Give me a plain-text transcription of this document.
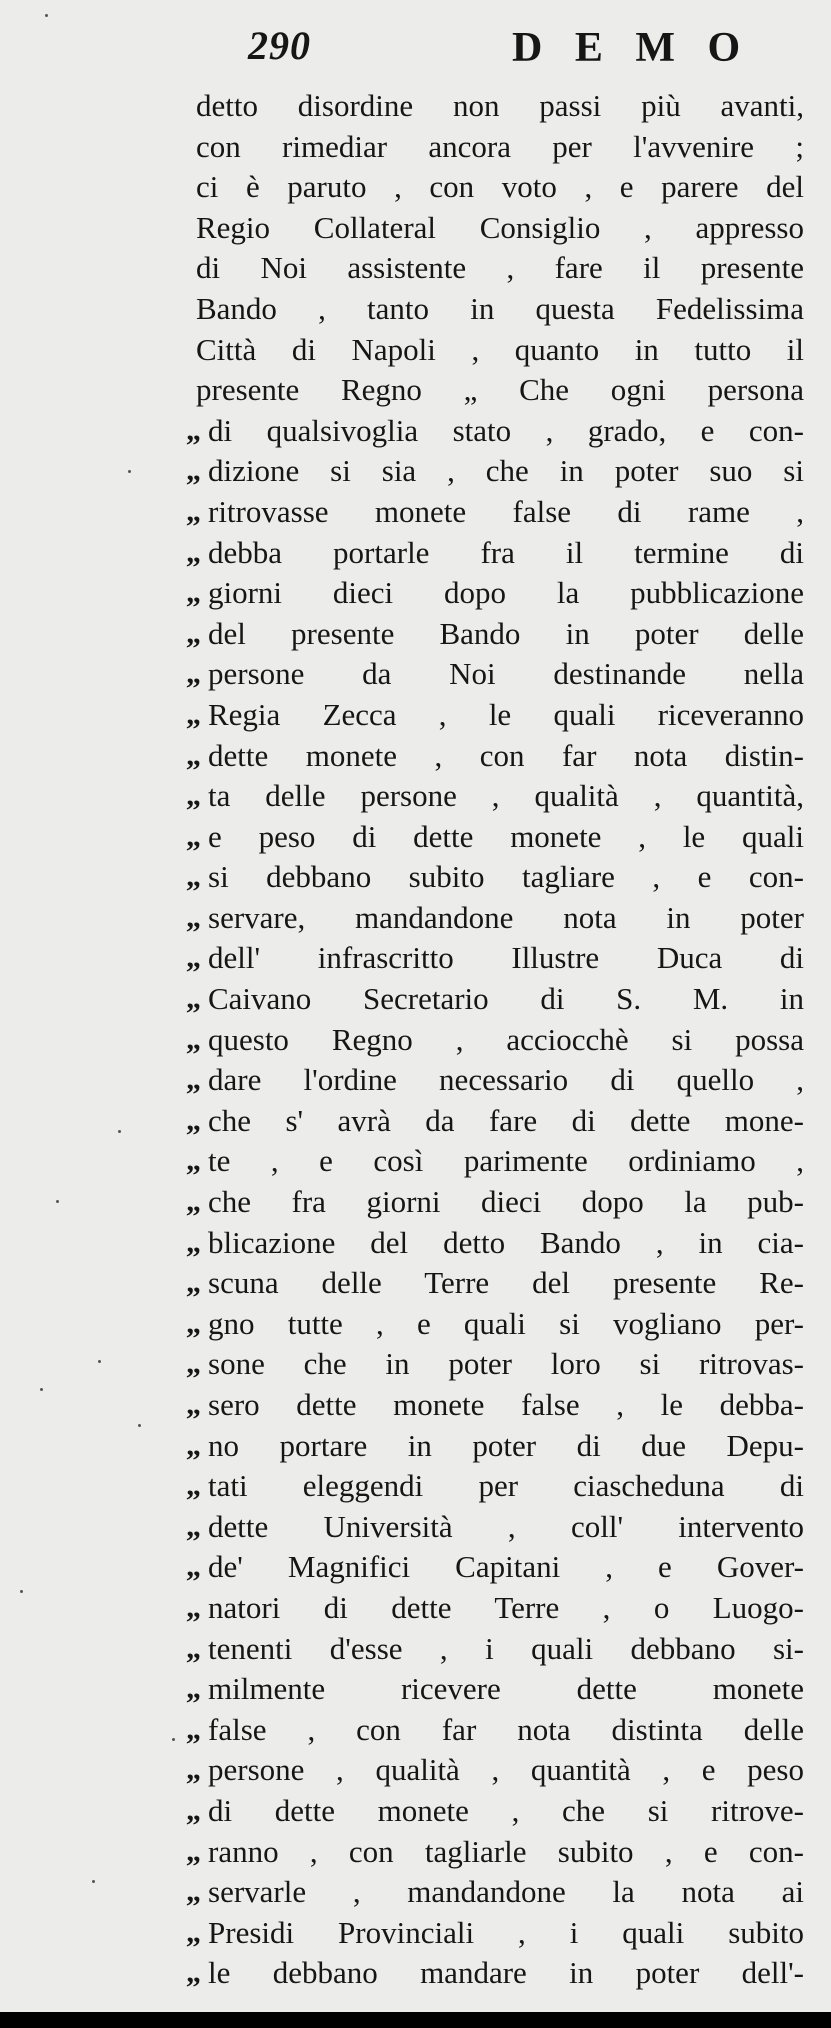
290	D E M O
detto disordine non passi più avanti,
con rimediar ancora per l'avvenire ;
ci è paruto , con voto , e parere del
Regio Collateral Consiglio , appresso
di Noi assistente , fare il presente
Bando , tanto in questa Fedelissima
Città di Napoli , quanto in tutto il
presente Regno „ Che ogni persona
„ di qualsivoglia stato , grado, e con-
„ dizione si sia , che in poter suo si
„ ritrovasse monete false di rame ,
„ debba portarle fra il termine di
„ giorni dieci dopo la pubblicazione
„ del presente Bando in poter delle
„ persone da Noi destinande nella
„ Regia Zecca , le quali riceveranno
„ dette monete , con far nota distin-
„ ta delle persone , qualità , quantità,
„ e peso di dette monete , le quali
„ si debbano subito tagliare , e con-
„ servare, mandandone nota in poter
„ dell' infrascritto Illustre Duca di
„ Caivano Secretario di S. M. in
„ questo Regno , acciocchè si possa
„ dare l'ordine necessario di quello ,
„ che s' avrà da fare di dette mone-
„ te , e così parimente ordiniamo ,
„ che fra giorni dieci dopo la pub-
„ blicazione del detto Bando , in cia-
„ scuna delle Terre del presente Re-
„ gno tutte , e quali si vogliano per-
„ sone che in poter loro si ritrovas-
„ sero dette monete false , le debba-
„ no portare in poter di due Depu-
„ tati eleggendi per ciascheduna di
„ dette Università , coll' intervento
„ de' Magnifici Capitani , e Gover-
„ natori di dette Terre , o Luogo-
„ tenenti d'esse , i quali debbano si-
„ milmente ricevere dette monete
„ false , con far nota distinta delle
„ persone , qualità , quantità , e peso
„ di dette monete , che si ritrove-
„ ranno , con tagliarle subito , e con-
„ servarle , mandandone la nota ai
„ Presidi Provinciali , i quali subito
„ le debbano mandare in poter dell'-
